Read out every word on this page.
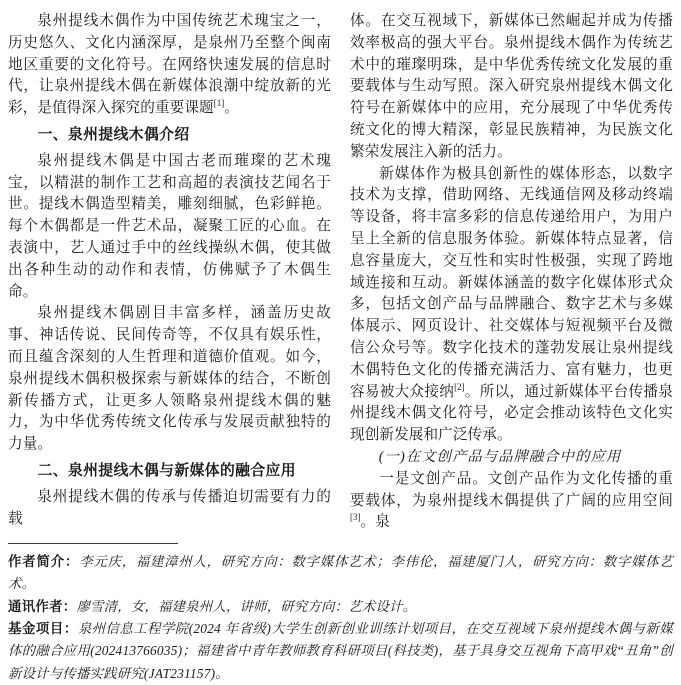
泉州提线木偶作为中国传统艺术瑰宝之一，历史悠久、文化内涵深厚，是泉州乃至整个闽南地区重要的文化符号。在网络快速发展的信息时代，让泉州提线木偶在新媒体浪潮中绽放新的光彩，是值得深入探究的重要课题[1]。

一、泉州提线木偶介绍

泉州提线木偶是中国古老而璀璨的艺术瑰宝，以精湛的制作工艺和高超的表演技艺闻名于世。提线木偶造型精美，雕刻细腻，色彩鲜艳。每个木偶都是一件艺术品，凝聚工匠的心血。在表演中，艺人通过手中的丝线操纵木偶，使其做出各种生动的动作和表情，仿佛赋予了木偶生命。

泉州提线木偶剧目丰富多样，涵盖历史故事、神话传说、民间传奇等，不仅具有娱乐性，而且蕴含深刻的人生哲理和道德价值观。如今，泉州提线木偶积极探索与新媒体的结合，不断创新传播方式，让更多人领略泉州提线木偶的魅力，为中华优秀传统文化传承与发展贡献独特的力量。

二、泉州提线木偶与新媒体的融合应用

泉州提线木偶的传承与传播迫切需要有力的载

体。在交互视域下，新媒体已然崛起并成为传播效率极高的强大平台。泉州提线木偶作为传统艺术中的璀璨明珠，是中华优秀传统文化发展的重要载体与生动写照。深入研究泉州提线木偶文化符号在新媒体中的应用，充分展现了中华优秀传统文化的博大精深，彰显民族精神，为民族文化繁荣发展注入新的活力。

新媒体作为极具创新性的媒体形态，以数字技术为支撑，借助网络、无线通信网及移动终端等设备，将丰富多彩的信息传递给用户，为用户呈上全新的信息服务体验。新媒体特点显著，信息容量庞大，交互性和实时性极强，实现了跨地域连接和互动。新媒体涵盖的数字化媒体形式众多，包括文创产品与品牌融合、数字艺术与多媒体展示、网页设计、社交媒体与短视频平台及微信公众号等。数字化技术的蓬勃发展让泉州提线木偶特色文化的传播充满活力、富有魅力，也更容易被大众接纳[2]。所以，通过新媒体平台传播泉州提线木偶文化符号，必定会推动该特色文化实现创新发展和广泛传承。

(一)在文创产品与品牌融合中的应用

一是文创产品。文创产品作为文化传播的重要载体，为泉州提线木偶提供了广阔的应用空间[3]。泉

作者简介：李元庆，福建漳州人，研究方向：数字媒体艺术；李伟伦，福建厦门人，研究方向：数字媒体艺术。

通讯作者：廖雪清，女，福建泉州人，讲师，研究方向：艺术设计。

基金项目：泉州信息工程学院(2024 年省级)大学生创新创业训练计划项目，在交互视域下泉州提线木偶与新媒体的融合应用(202413766035)；福建省中青年教师教育科研项目(科技类)，基于具身交互视角下高甲戏“丑角”创新设计与传播实践研究(JAT231157)。
